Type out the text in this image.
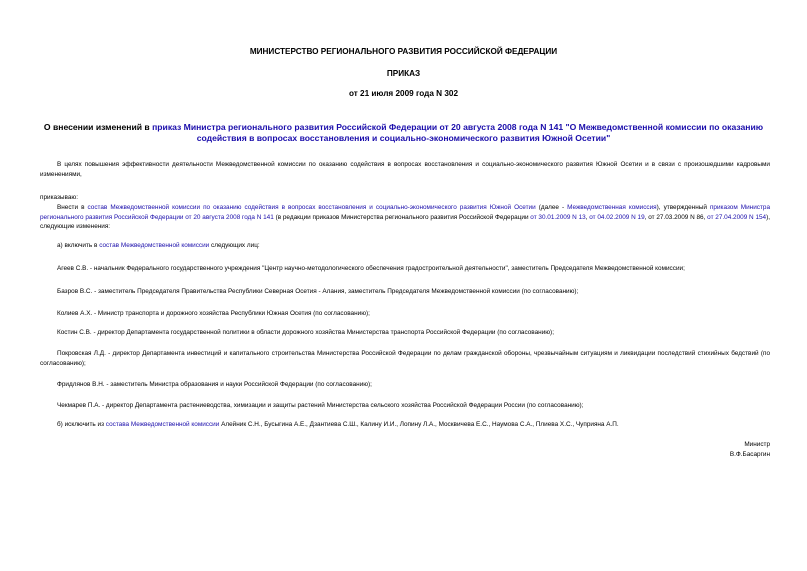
МИНИСТЕРСТВО РЕГИОНАЛЬНОГО РАЗВИТИЯ РОССИЙСКОЙ ФЕДЕРАЦИИ
ПРИКАЗ
от 21 июля 2009 года N 302
О внесении изменений в приказ Министра регионального развития Российской Федерации от 20 августа 2008 года N 141 "О Межведомственной комиссии по оказанию содействия в вопросах восстановления и социально-экономического развития Южной Осетии"

В целях повышения эффективности деятельности Межведомственной комиссии по оказанию содействия в вопросах восстановления и социально-экономического развития Южной Осетии и в связи с произошедшими кадровыми изменениями,

приказываю:

Внести в состав Межведомственной комиссии по оказанию содействия в вопросах восстановления и социально-экономического развития Южной Осетии (далее - Межведомственная комиссия), утвержденный приказом Министра регионального развития Российской Федерации от 20 августа 2008 года N 141 (в редакции приказов Министерства регионального развития Российской Федерации от 30.01.2009 N 13, от 04.02.2009 N 19, от 27.03.2009 N 86, от 27.04.2009 N 154), следующие изменения:

а) включить в состав Межведомственной комиссии следующих лиц:

Агеев С.В. - начальник Федерального государственного учреждения "Центр научно-методологического обеспечения градостроительной деятельности", заместитель Председателя Межведомственной комиссии;

Базров В.С. - заместитель Председателя Правительства Республики Северная Осетия - Алания, заместитель Председателя Межведомственной комиссии (по согласованию);

Колиев А.Х. - Министр транспорта и дорожного хозяйства Республики Южная Осетия (по согласованию);

Костин С.В. - директор Департамента государственной политики в области дорожного хозяйства Министерства транспорта Российской Федерации (по согласованию);

Покровская Л.Д. - директор Департамента инвестиций и капитального строительства Министерства Российской Федерации по делам гражданской обороны, чрезвычайным ситуациям и ликвидации последствий стихийных бедствий (по согласованию);

Фридлянов В.Н. - заместитель Министра образования и науки Российской Федерации (по согласованию);

Чекмарев П.А. - директор Департамента растениеводства, химизации и защиты растений Министерства сельского хозяйства Российской Федерации России (по согласованию);

б) исключить из состава Межведомственной комиссии Алейник С.Н., Бусыгина А.Е., Дзантиева С.Ш., Калину И.И., Лопину Л.А., Москвичева Е.С., Наумова С.А., Плиева Х.С., Чуприяна А.П.

Министр
В.Ф.Басаргин
